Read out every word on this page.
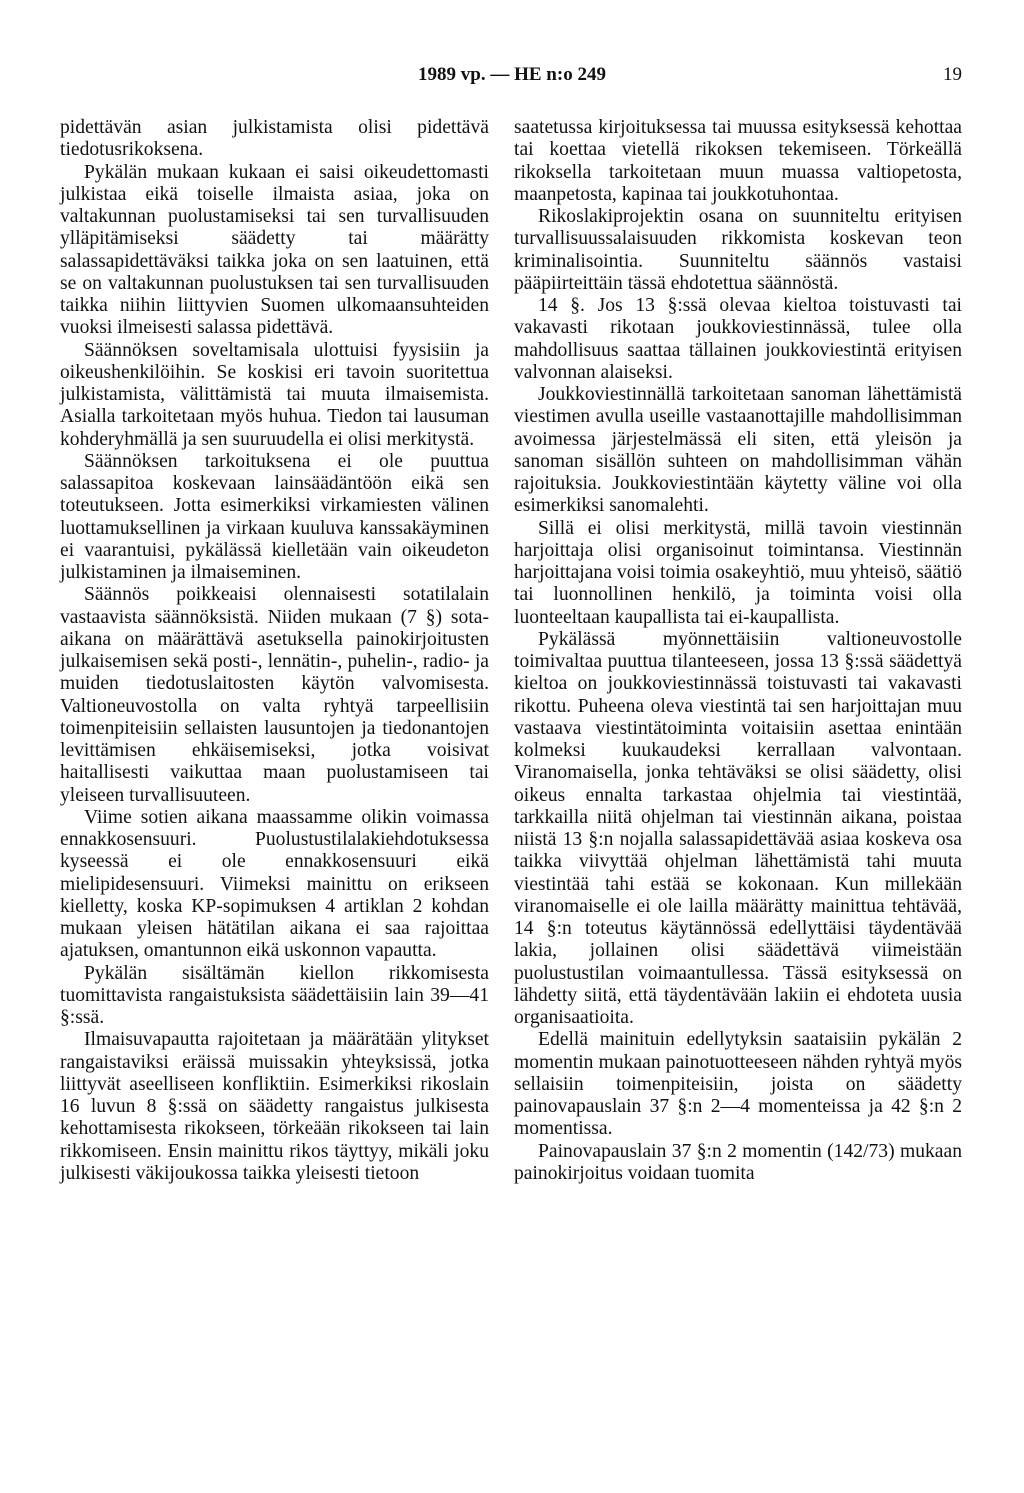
1989 vp. — HE n:o 249	19

pidettävän asian julkistamista olisi pidettävä tiedotusrikoksena.

Pykälän mukaan kukaan ei saisi oikeudettomasti julkistaa eikä toiselle ilmaista asiaa, joka on valtakunnan puolustamiseksi tai sen turvallisuuden ylläpitämiseksi säädetty tai määrätty salassapidettäväksi taikka joka on sen laatuinen, että se on valtakunnan puolustuksen tai sen turvallisuuden taikka niihin liittyvien Suomen ulkomaansuhteiden vuoksi ilmeisesti salassa pidettävä.

Säännöksen soveltamisala ulottuisi fyysisiin ja oikeushenkilöihin. Se koskisi eri tavoin suoritettua julkistamista, välittämistä tai muuta ilmaisemista. Asialla tarkoitetaan myös huhua. Tiedon tai lausuman kohderyhmällä ja sen suuruudella ei olisi merkitystä.

Säännöksen tarkoituksena ei ole puuttua salassapitoa koskevaan lainsäädäntöön eikä sen toteutukseen. Jotta esimerkiksi virkamiesten välinen luottamuksellinen ja virkaan kuuluva kanssakäyminen ei vaarantuisi, pykälässä kielletään vain oikeudeton julkistaminen ja ilmaiseminen.

Säännös poikkeaisi olennaisesti sotatilalain vastaavista säännöksistä. Niiden mukaan (7 §) sota-aikana on määrättävä asetuksella painokirjoitusten julkaisemisen sekä posti-, lennätin-, puhelin-, radio- ja muiden tiedotuslaitosten käytön valvomisesta. Valtioneuvostolla on valta ryhtyä tarpeellisiin toimenpiteisiin sellaisten lausuntojen ja tiedonantojen levittämisen ehkäisemiseksi, jotka voisivat haitallisesti vaikuttaa maan puolustamiseen tai yleiseen turvallisuuteen.

Viime sotien aikana maassamme olikin voimassa ennakkosensuuri. Puolustustilalakiehdotuksessa kyseessä ei ole ennakkosensuuri eikä mielipidesensuuri. Viimeksi mainittu on erikseen kielletty, koska KP-sopimuksen 4 artiklan 2 kohdan mukaan yleisen hätätilan aikana ei saa rajoittaa ajatuksen, omantunnon eikä uskonnon vapautta.

Pykälän sisältämän kiellon rikkomisesta tuomittavista rangaistuksista säädettäisiin lain 39—41 §:ssä.

Ilmaisuvapautta rajoitetaan ja määrätään ylitykset rangaistaviksi eräissä muissakin yhteyksissä, jotka liittyvät aseelliseen konfliktiin. Esimerkiksi rikoslain 16 luvun 8 §:ssä on säädetty rangaistus julkisesta kehottamisesta rikokseen, törkeään rikokseen tai lain rikkomiseen. Ensin mainittu rikos täyttyy, mikäli joku julkisesti väkijoukossa taikka yleisesti tietoon

saatetussa kirjoituksessa tai muussa esityksessä kehottaa tai koettaa vietellä rikoksen tekemiseen. Törkeällä rikoksella tarkoitetaan muun muassa valtiopetosta, maanpetosta, kapinaa tai joukkotuhontaa.

Rikoslakiprojektin osana on suunniteltu erityisen turvallisuussalaisuuden rikkomista koskevan teon kriminalisointia. Suunniteltu säännös vastaisi pääpiirteittäin tässä ehdotettua säännöstä.

14 §. Jos 13 §:ssä olevaa kieltoa toistuvasti tai vakavasti rikotaan joukkoviestinnässä, tulee olla mahdollisuus saattaa tällainen joukkoviestintä erityisen valvonnan alaiseksi.

Joukkoviestinnällä tarkoitetaan sanoman lähettämistä viestimen avulla useille vastaanottajille mahdollisimman avoimessa järjestelmässä eli siten, että yleisön ja sanoman sisällön suhteen on mahdollisimman vähän rajoituksia. Joukkoviestintään käytetty väline voi olla esimerkiksi sanomalehti.

Sillä ei olisi merkitystä, millä tavoin viestinnän harjoittaja olisi organisoinut toimintansa. Viestinnän harjoittajana voisi toimia osakeyhtiö, muu yhteisö, säätiö tai luonnollinen henkilö, ja toiminta voisi olla luonteeltaan kaupallista tai ei-kaupallista.

Pykälässä myönnettäisiin valtioneuvostolle toimivaltaa puuttua tilanteeseen, jossa 13 §:ssä säädettyä kieltoa on joukkoviestinnässä toistuvasti tai vakavasti rikottu. Puheena oleva viestintä tai sen harjoittajan muu vastaava viestintätoiminta voitaisiin asettaa enintään kolmeksi kuukaudeksi kerrallaan valvontaan. Viranomaisella, jonka tehtäväksi se olisi säädetty, olisi oikeus ennalta tarkastaa ohjelmia tai viestintää, tarkkailla niitä ohjelman tai viestinnän aikana, poistaa niistä 13 §:n nojalla salassapidettävää asiaa koskeva osa taikka viivyttää ohjelman lähettämistä tahi muuta viestintää tahi estää se kokonaan. Kun millekään viranomaiselle ei ole lailla määrätty mainittua tehtävää, 14 §:n toteutus käytännössä edellyttäisi täydentävää lakia, jollainen olisi säädettävä viimeistään puolustustilan voimaantullessa. Tässä esityksessä on lähdetty siitä, että täydentävään lakiin ei ehdoteta uusia organisaatioita.

Edellä mainituin edellytyksin saataisiin pykälän 2 momentin mukaan painotuotteeseen nähden ryhtyä myös sellaisiin toimenpiteisiin, joista on säädetty painovapauslain 37 §:n 2—4 momenteissa ja 42 §:n 2 momentissa.

Painovapauslain 37 §:n 2 momentin (142/73) mukaan painokirjoitus voidaan tuomita
